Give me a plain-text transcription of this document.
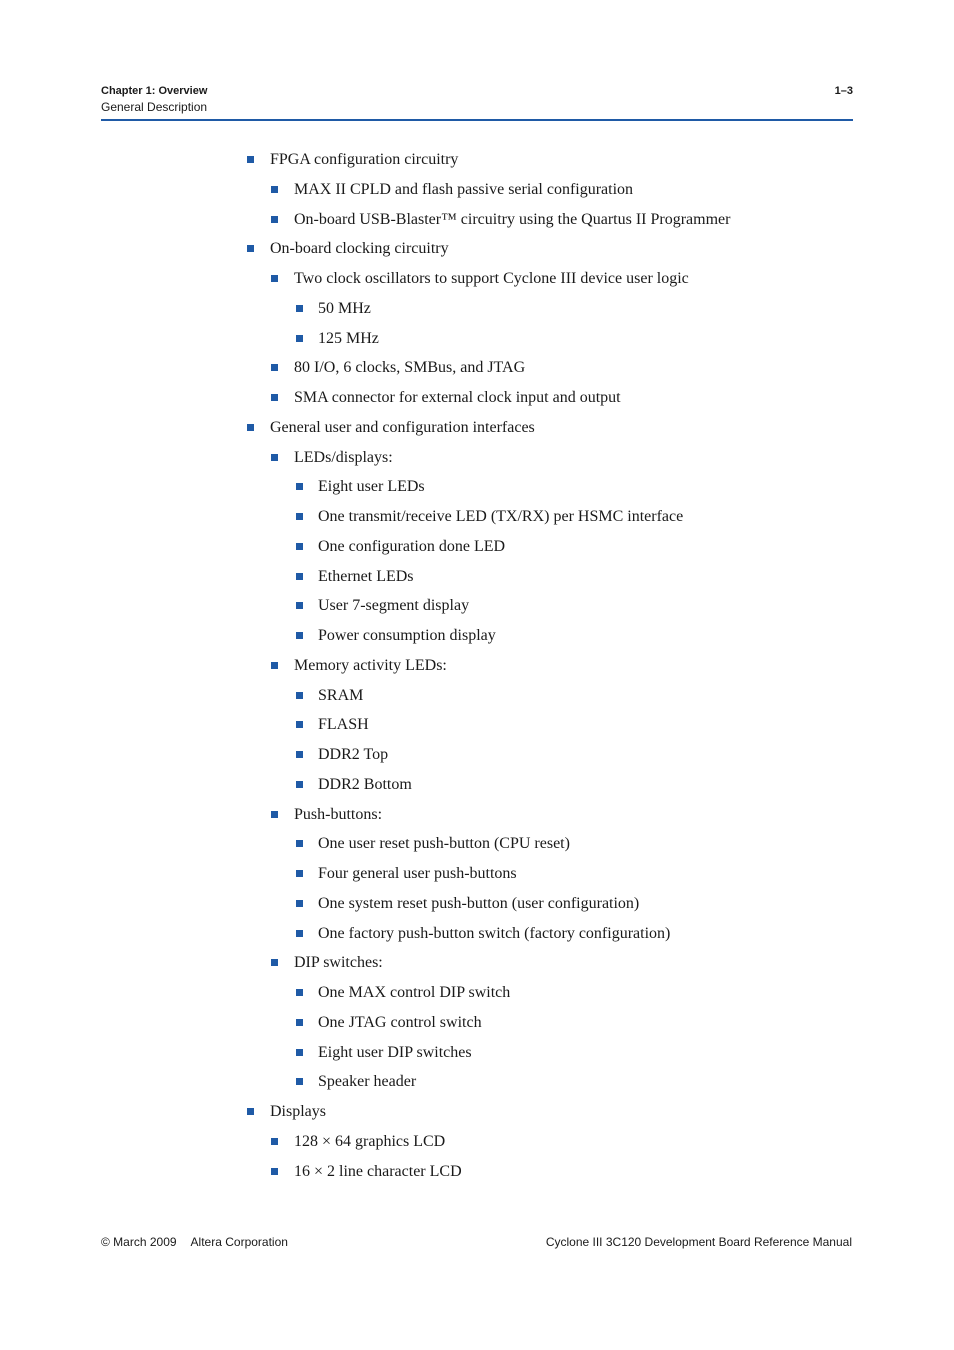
Chapter 1: Overview
General Description
1–3
FPGA configuration circuitry
MAX II CPLD and flash passive serial configuration
On-board USB-Blaster™ circuitry using the Quartus II Programmer
On-board clocking circuitry
Two clock oscillators to support Cyclone III device user logic
50 MHz
125 MHz
80 I/O, 6 clocks, SMBus, and JTAG
SMA connector for external clock input and output
General user and configuration interfaces
LEDs/displays:
Eight user LEDs
One transmit/receive LED (TX/RX) per HSMC interface
One configuration done LED
Ethernet LEDs
User 7-segment display
Power consumption display
Memory activity LEDs:
SRAM
FLASH
DDR2 Top
DDR2 Bottom
Push-buttons:
One user reset push-button (CPU reset)
Four general user push-buttons
One system reset push-button (user configuration)
One factory push-button switch (factory configuration)
DIP switches:
One MAX control DIP switch
One JTAG control switch
Eight user DIP switches
Speaker header
Displays
128 × 64 graphics LCD
16 × 2 line character LCD
© March 2009 Altera Corporation	Cyclone III 3C120 Development Board Reference Manual
